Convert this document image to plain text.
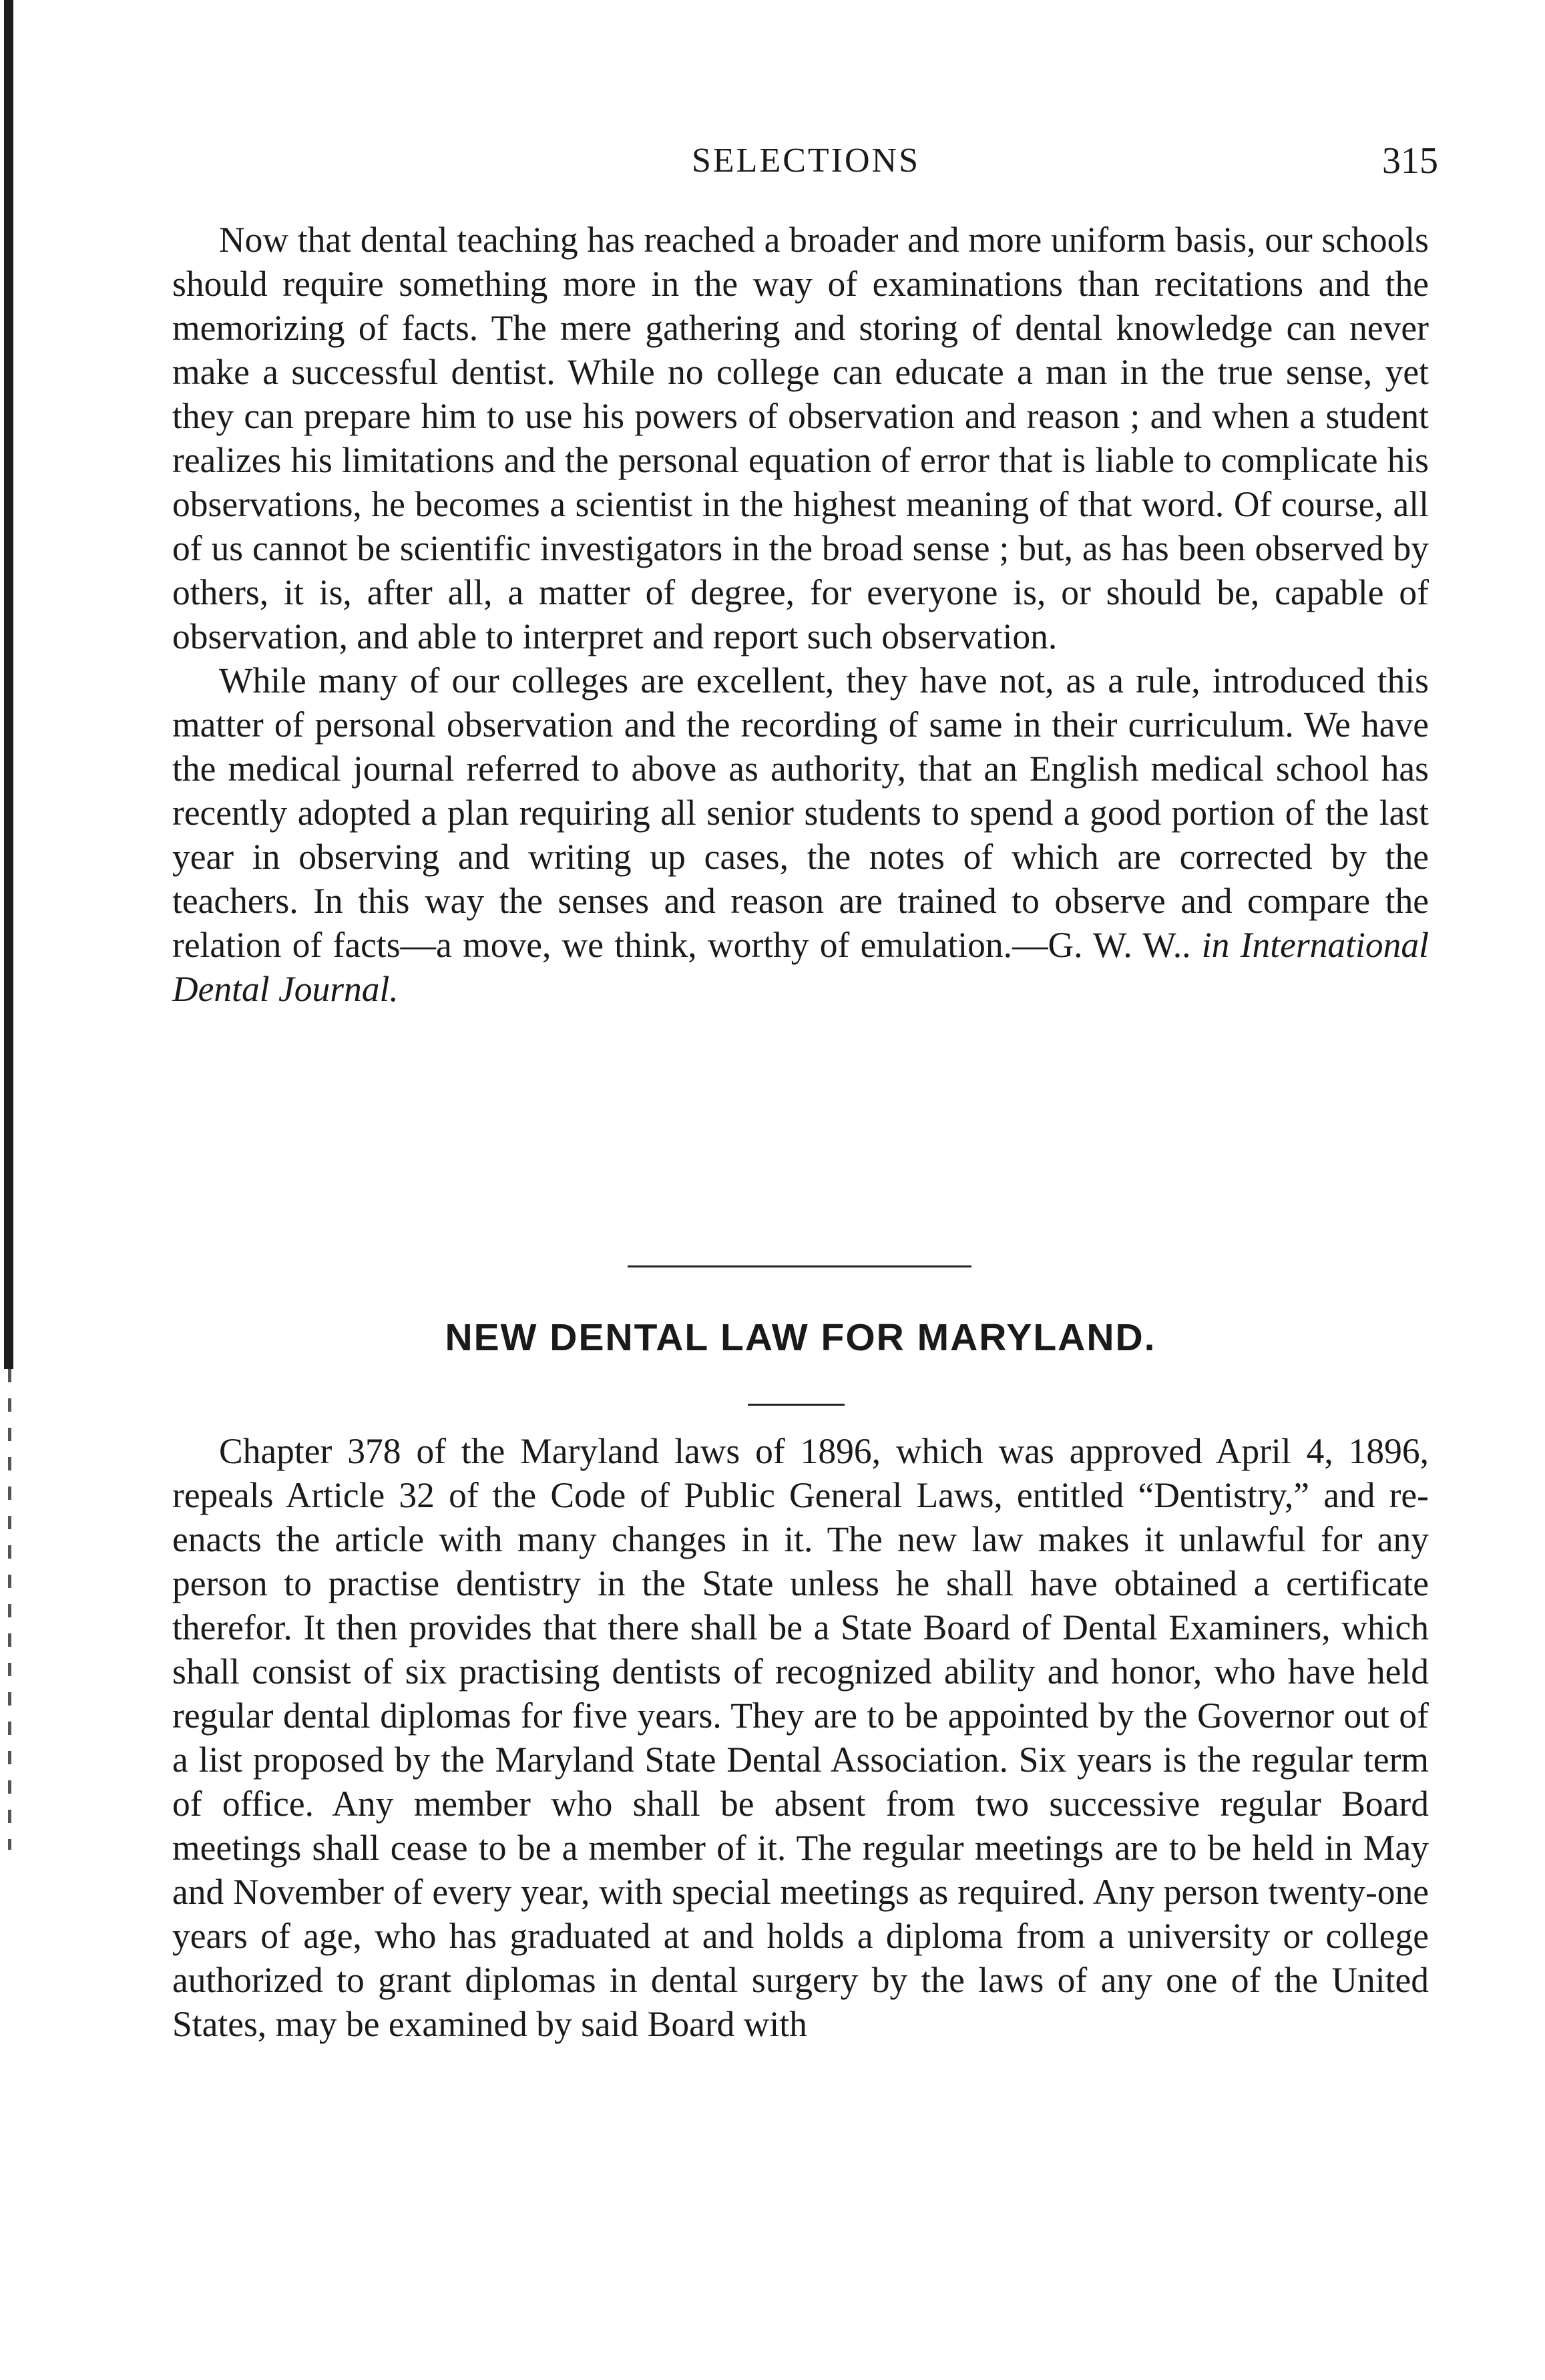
SELECTIONS	315

Now that dental teaching has reached a broader and more uniform basis, our schools should require something more in the way of examinations than recitations and the memorizing of facts. The mere gathering and storing of dental knowledge can never make a successful dentist. While no college can educate a man in the true sense, yet they can prepare him to use his powers of observation and reason ; and when a student realizes his limitations and the personal equation of error that is liable to complicate his observations, he becomes a scientist in the highest meaning of that word. Of course, all of us cannot be scientific investigators in the broad sense ; but, as has been observed by others, it is, after all, a matter of degree, for everyone is, or should be, capable of observation, and able to interpret and report such observation.

While many of our colleges are excellent, they have not, as a rule, introduced this matter of personal observation and the recording of same in their curriculum. We have the medical journal referred to above as authority, that an English medical school has recently adopted a plan requiring all senior students to spend a good portion of the last year in observing and writing up cases, the notes of which are corrected by the teachers. In this way the senses and reason are trained to observe and compare the relation of facts—a move, we think, worthy of emulation.—G. W. W.. in International Dental Journal.

NEW DENTAL LAW FOR MARYLAND.

Chapter 378 of the Maryland laws of 1896, which was approved April 4, 1896, repeals Article 32 of the Code of Public General Laws, entitled “Dentistry,” and re-enacts the article with many changes in it. The new law makes it unlawful for any person to practise dentistry in the State unless he shall have obtained a certificate therefor. It then provides that there shall be a State Board of Dental Examiners, which shall consist of six practising dentists of recognized ability and honor, who have held regular dental diplomas for five years. They are to be appointed by the Governor out of a list proposed by the Maryland State Dental Association. Six years is the regular term of office. Any member who shall be absent from two successive regular Board meetings shall cease to be a member of it. The regular meetings are to be held in May and November of every year, with special meetings as required. Any person twenty-one years of age, who has graduated at and holds a diploma from a university or college authorized to grant diplomas in dental surgery by the laws of any one of the United States, may be examined by said Board with
